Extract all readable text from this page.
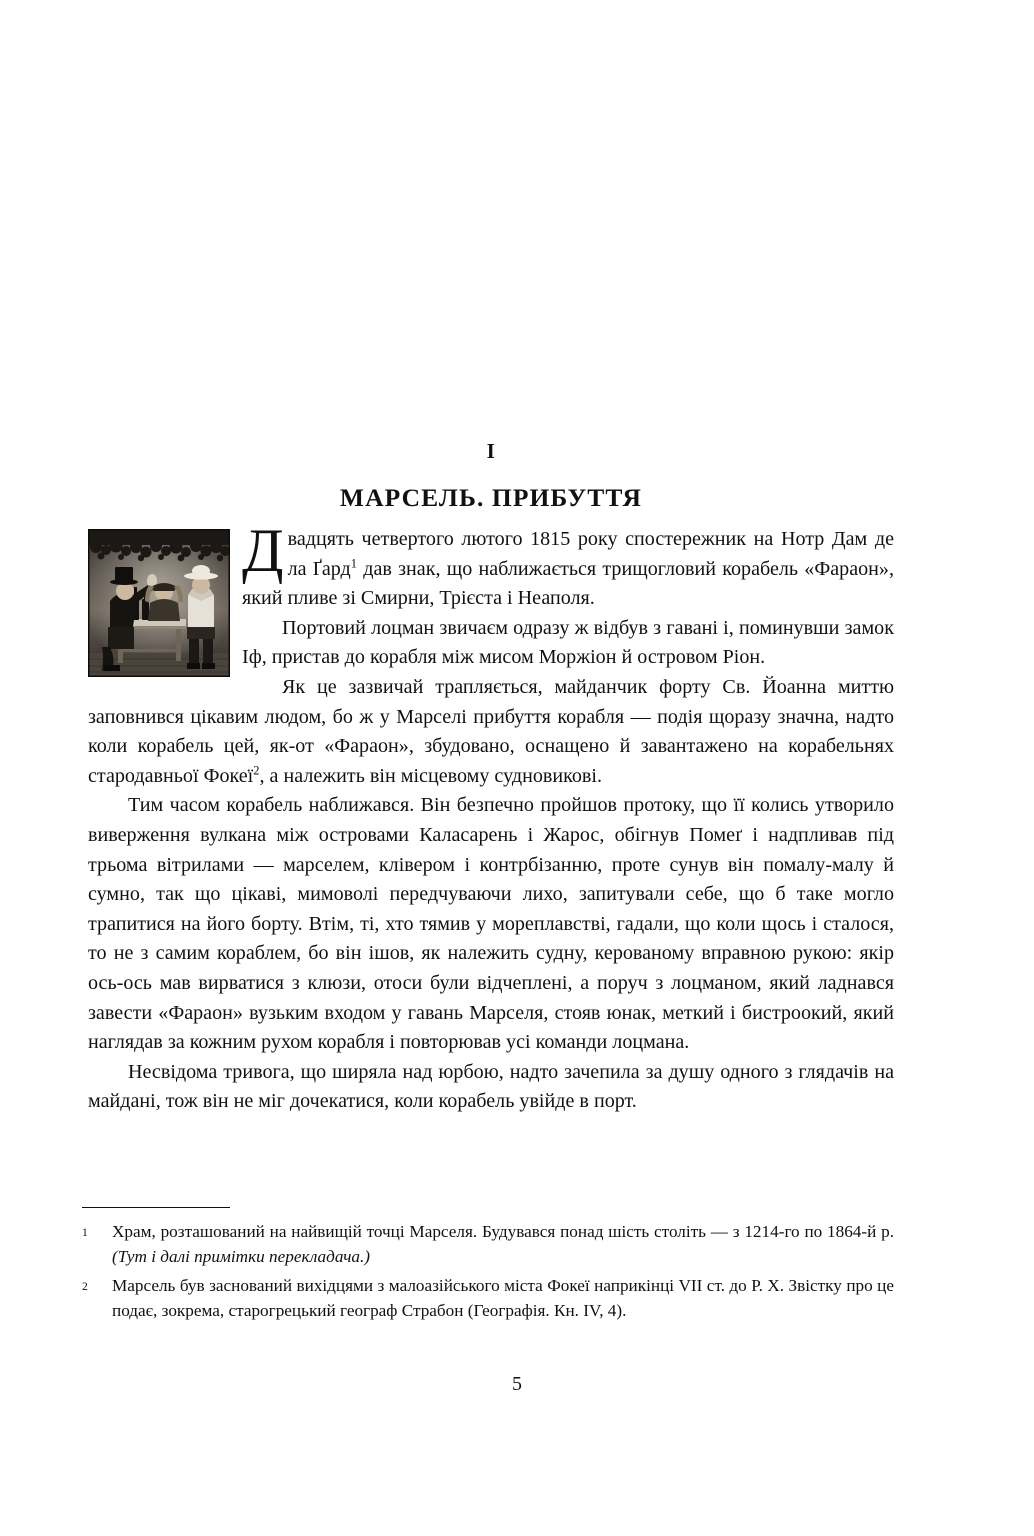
I
МАРСЕЛЬ. ПРИБУТТЯ

Двадцять четвертого лютого 1815 року спостережник на Нотр Дам де ла Ґард$^1$ дав знак, що наближається трищогловий корабель «Фараон», який пливе зі Смирни, Трієста і Неаполя.

Портовий лоцман звичаєм одразу ж відбув з гавані і, поминувши замок Іф, пристав до корабля між мисом Моржіон й островом Ріон.

Як це зазвичай трапляється, майданчик форту Св. Йоанна миттю заповнився цікавим людом, бо ж у Марселі прибуття корабля — подія щоразу значна, надто коли корабель цей, як-от «Фараон», збудовано, оснащено й завантажено на корабельнях стародавньої Фокеї$^2$, а належить він місцевому судновикові.

Тим часом корабель наближався. Він безпечно пройшов протоку, що її колись утворило виверження вулкана між островами Каласарень і Жарос, обігнув Помеґ і надпливав під трьома вітрилами — марселем, клівером і контрбізанню, проте сунув він помалу-малу й сумно, так що цікаві, мимоволі передчуваючи лихо, запитували себе, що б таке могло трапитися на його борту. Втім, ті, хто тямив у мореплавстві, гадали, що коли щось і сталося, то не з самим кораблем, бо він ішов, як належить судну, керованому вправною рукою: якір ось-ось мав вирватися з клюзи, отоси були відчеплені, а поруч з лоцманом, який ладнався завести «Фараон» вузьким входом у гавань Марселя, стояв юнак, меткий і бистроокий, який наглядав за кожним рухом корабля і повторював усі команди лоцмана.

Несвідома тривога, що ширяла над юрбою, надто зачепила за душу одного з глядачів на майдані, тож він не міг дочекатися, коли корабель увійде в порт.

1	Храм, розташований на найвищій точці Марселя. Будувався понад шість століть — з 1214-го по 1864-й р. (Тут і далі примітки перекладача.)
2	Марсель був заснований вихідцями з малоазійського міста Фокеї наприкінці VII ст. до Р. Х. Звістку про це подає, зокрема, старогрецький географ Страбон (Географія. Кн. IV, 4).
5
